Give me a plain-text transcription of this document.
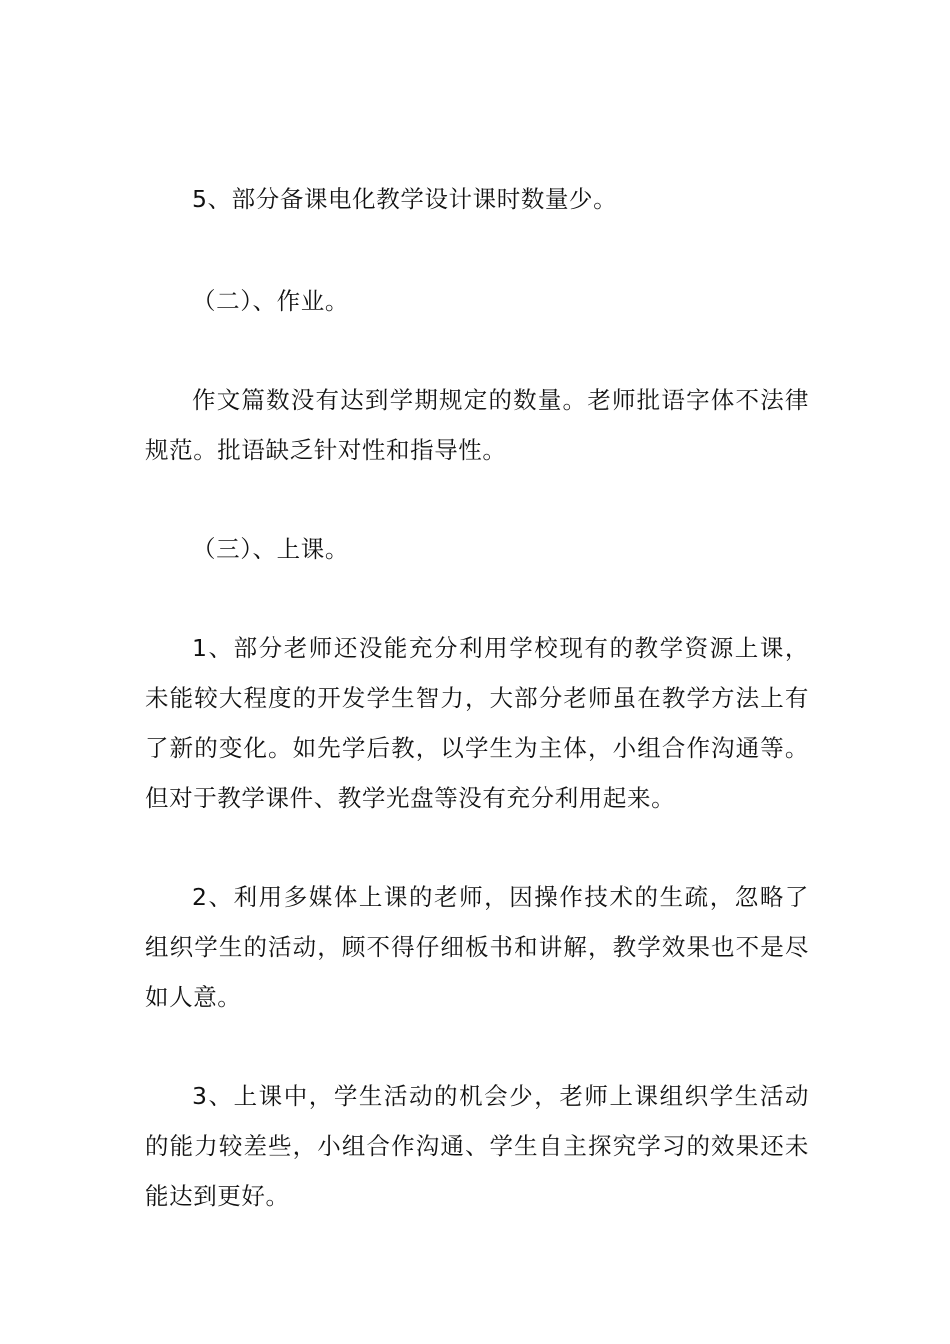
5、部分备课电化教学设计课时数量少。

（二）、作业。

作文篇数没有达到学期规定的数量。老师批语字体不法律规范。批语缺乏针对性和指导性。

（三）、上课。

1、部分老师还没能充分利用学校现有的教学资源上课，未能较大程度的开发学生智力，大部分老师虽在教学方法上有了新的变化。如先学后教，以学生为主体，小组合作沟通等。但对于教学课件、教学光盘等没有充分利用起来。

2、利用多媒体上课的老师，因操作技术的生疏，忽略了组织学生的活动，顾不得仔细板书和讲解，教学效果也不是尽如人意。

3、上课中，学生活动的机会少，老师上课组织学生活动的能力较差些，小组合作沟通、学生自主探究学习的效果还未能达到更好。
